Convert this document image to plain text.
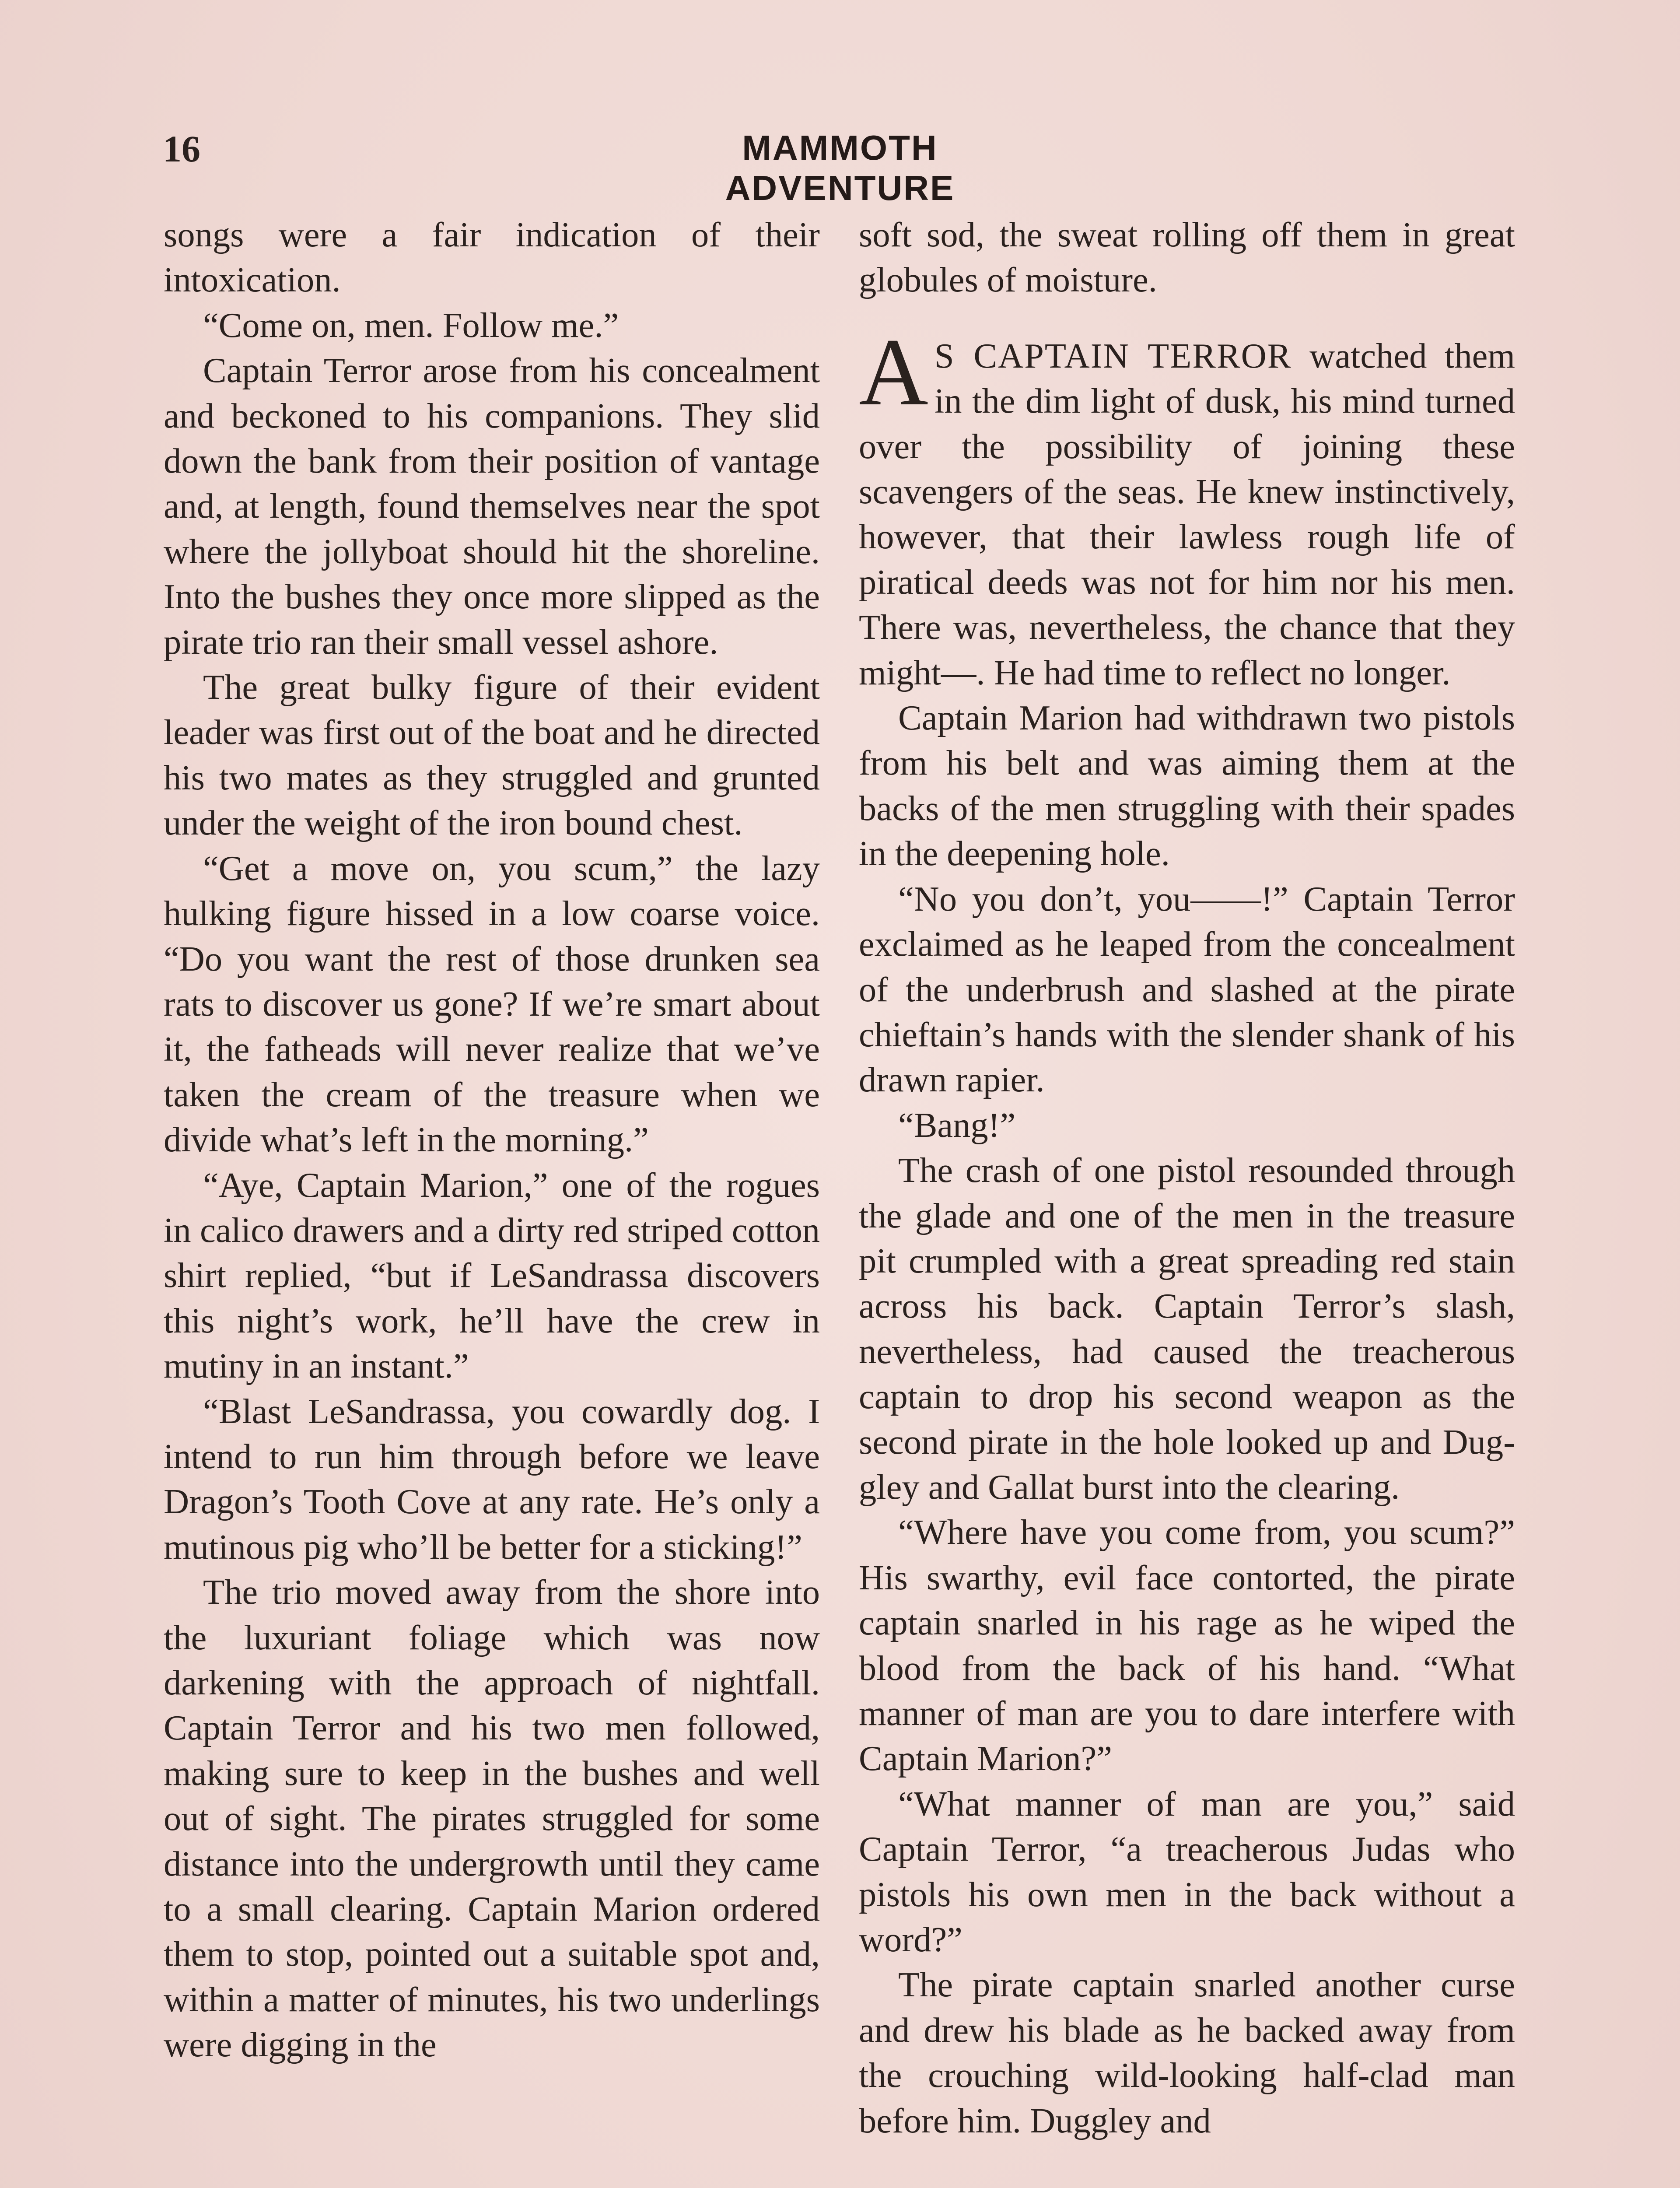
16	MAMMOTH ADVENTURE

songs were a fair indication of their intoxication.

“Come on, men. Follow me.”

Captain Terror arose from his concealment and beckoned to his companions. They slid down the bank from their position of vantage and, at length, found themselves near the spot where the jollyboat should hit the shoreline. Into the bushes they once more slipped as the pirate trio ran their small vessel ashore.

The great bulky figure of their evident leader was first out of the boat and he directed his two mates as they struggled and grunted under the weight of the iron bound chest.

“Get a move on, you scum,” the lazy hulking figure hissed in a low coarse voice. “Do you want the rest of those drunken sea rats to discover us gone? If we’re smart about it, the fatheads will never realize that we’ve taken the cream of the treasure when we divide what’s left in the morning.”

“Aye, Captain Marion,” one of the rogues in calico drawers and a dirty red striped cotton shirt replied, “but if LeSandrassa discovers this night’s work, he’ll have the crew in mutiny in an instant.”

“Blast LeSandrassa, you cowardly dog. I intend to run him through before we leave Dragon’s Tooth Cove at any rate. He’s only a mutinous pig who’ll be better for a sticking!”

The trio moved away from the shore into the luxuriant foliage which was now darkening with the approach of nightfall. Captain Terror and his two men followed, making sure to keep in the bushes and well out of sight. The pirates struggled for some distance into the undergrowth until they came to a small clearing. Captain Marion ordered them to stop, pointed out a suitable spot and, within a matter of minutes, his two underlings were digging in the

soft sod, the sweat rolling off them in great globules of moisture.

A S CAPTAIN TERROR watched them in the dim light of dusk, his mind turned over the possibility of joining these scavengers of the seas. He knew instinctively, however, that their lawless rough life of piratical deeds was not for him nor his men. There was, nevertheless, the chance that they might—. He had time to reflect no longer.

Captain Marion had withdrawn two pistols from his belt and was aiming them at the backs of the men struggling with their spades in the deepening hole.

“No you don’t, you——!” Captain Terror exclaimed as he leaped from the concealment of the underbrush and slashed at the pirate chieftain’s hands with the slender shank of his drawn rapier.

“Bang!”

The crash of one pistol resounded through the glade and one of the men in the treasure pit crumpled with a great spreading red stain across his back. Captain Terror’s slash, nevertheless, had caused the treacherous captain to drop his second weapon as the second pirate in the hole looked up and Duggley and Gallat burst into the clearing.

“Where have you come from, you scum?” His swarthy, evil face contorted, the pirate captain snarled in his rage as he wiped the blood from the back of his hand. “What manner of man are you to dare interfere with Captain Marion?”

“What manner of man are you,” said Captain Terror, “a treacherous Judas who pistols his own men in the back without a word?”

The pirate captain snarled another curse and drew his blade as he backed away from the crouching wild-looking half-clad man before him. Duggley and
